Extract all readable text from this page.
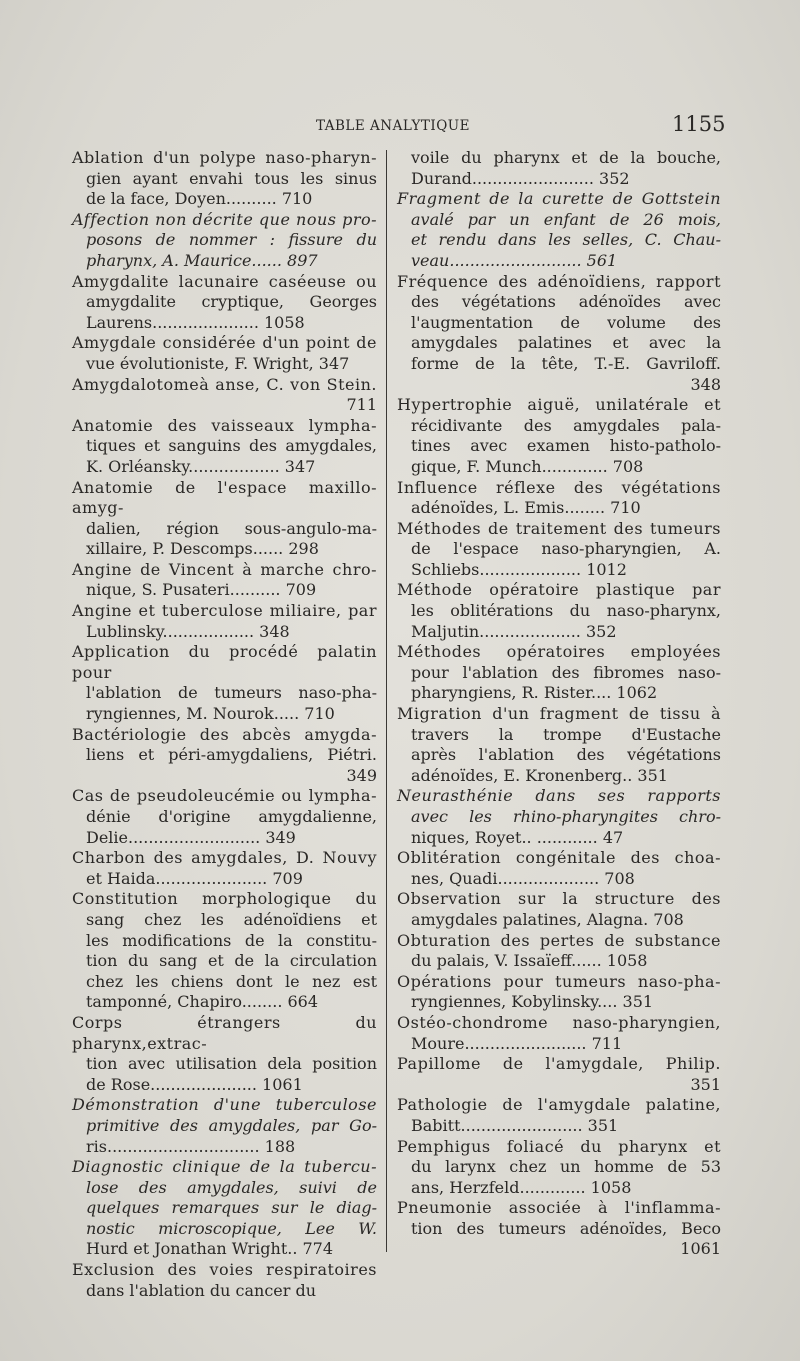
TABLE ANALYTIQUE	1155

Ablation d'un polype naso-pharyn-

gien ayant envahi tous les sinus

de la face, Doyen.......... 710

Affection non décrite que nous pro-

posons de nommer : fissure du

pharynx, A. Maurice...... 897

Amygdalite lacunaire caséeuse ou

amygdalite cryptique, Georges

Laurens..................... 1058

Amygdale considérée d'un point de

vue évolutioniste, F. Wright, 347

Amygdalotomeà anse, C. von Stein.

711

Anatomie des vaisseaux lympha-

tiques et sanguins des amygdales,

K. Orléansky.................. 347

Anatomie de l'espace maxillo-amyg-

dalien, région sous-angulo-ma-

xillaire, P. Descomps...... 298

Angine de Vincent à marche chro-

nique, S. Pusateri.......... 709

Angine et tuberculose miliaire, par

Lublinsky.................. 348

Application du procédé palatin pour

l'ablation de tumeurs naso-pha-

ryngiennes, M. Nourok..... 710

Bactériologie des abcès amygda-

liens et péri-amygdaliens, Piétri.

349

Cas de pseudoleucémie ou lympha-

dénie d'origine amygdalienne,

Delie.......................... 349

Charbon des amygdales, D. Nouvy

et Haida...................... 709

Constitution morphologique du

sang chez les adénoïdiens et

les modifications de la constitu-

tion du sang et de la circulation

chez les chiens dont le nez est

tamponné, Chapiro........ 664

Corps étrangers du pharynx,extrac-

tion avec utilisation dela position

de Rose..................... 1061

Démonstration d'une tuberculose

primitive des amygdales, par Go-

ris.............................. 188

Diagnostic clinique de la tubercu-

lose des amygdales, suivi de

quelques remarques sur le diag-

nostic microscopique, Lee W.

Hurd et Jonathan Wright.. 774

Exclusion des voies respiratoires

dans l'ablation du cancer du

voile du pharynx et de la bouche,

Durand........................ 352

Fragment de la curette de Gottstein

avalé par un enfant de 26 mois,

et rendu dans les selles, C. Chau-

veau.......................... 561

Fréquence des adénoïdiens, rapport

des végétations adénoïdes avec

l'augmentation de volume des

amygdales palatines et avec la

forme de la tête, T.-E. Gavriloff.

348

Hypertrophie aiguë, unilatérale et

récidivante des amygdales pala-

tines avec examen histo-patholo-

gique, F. Munch............. 708

Influence réflexe des végétations

adénoïdes, L. Emis........ 710

Méthodes de traitement des tumeurs

de l'espace naso-pharyngien, A.

Schliebs.................... 1012

Méthode opératoire plastique par

les oblitérations du naso-pharynx,

Maljutin.................... 352

Méthodes opératoires employées

pour l'ablation des fibromes naso-

pharyngiens, R. Rister.... 1062

Migration d'un fragment de tissu à

travers la trompe d'Eustache

après l'ablation des végétations

adénoïdes, E. Kronenberg.. 351

Neurasthénie dans ses rapports

avec les rhino-pharyngites chro-

niques, Royet.. ............ 47

Oblitération congénitale des choa-

nes, Quadi.................... 708

Observation sur la structure des

amygdales palatines, Alagna. 708

Obturation des pertes de substance

du palais, V. Issaïeff...... 1058

Opérations pour tumeurs naso-pha-

ryngiennes, Kobylinsky.... 351

Ostéo-chondrome naso-pharyngien,

Moure........................ 711

Papillome de l'amygdale, Philip.

351

Pathologie de l'amygdale palatine,

Babitt........................ 351

Pemphigus foliacé du pharynx et

du larynx chez un homme de 53

ans, Herzfeld............. 1058

Pneumonie associée à l'inflamma-

tion des tumeurs adénoïdes, Beco

1061
